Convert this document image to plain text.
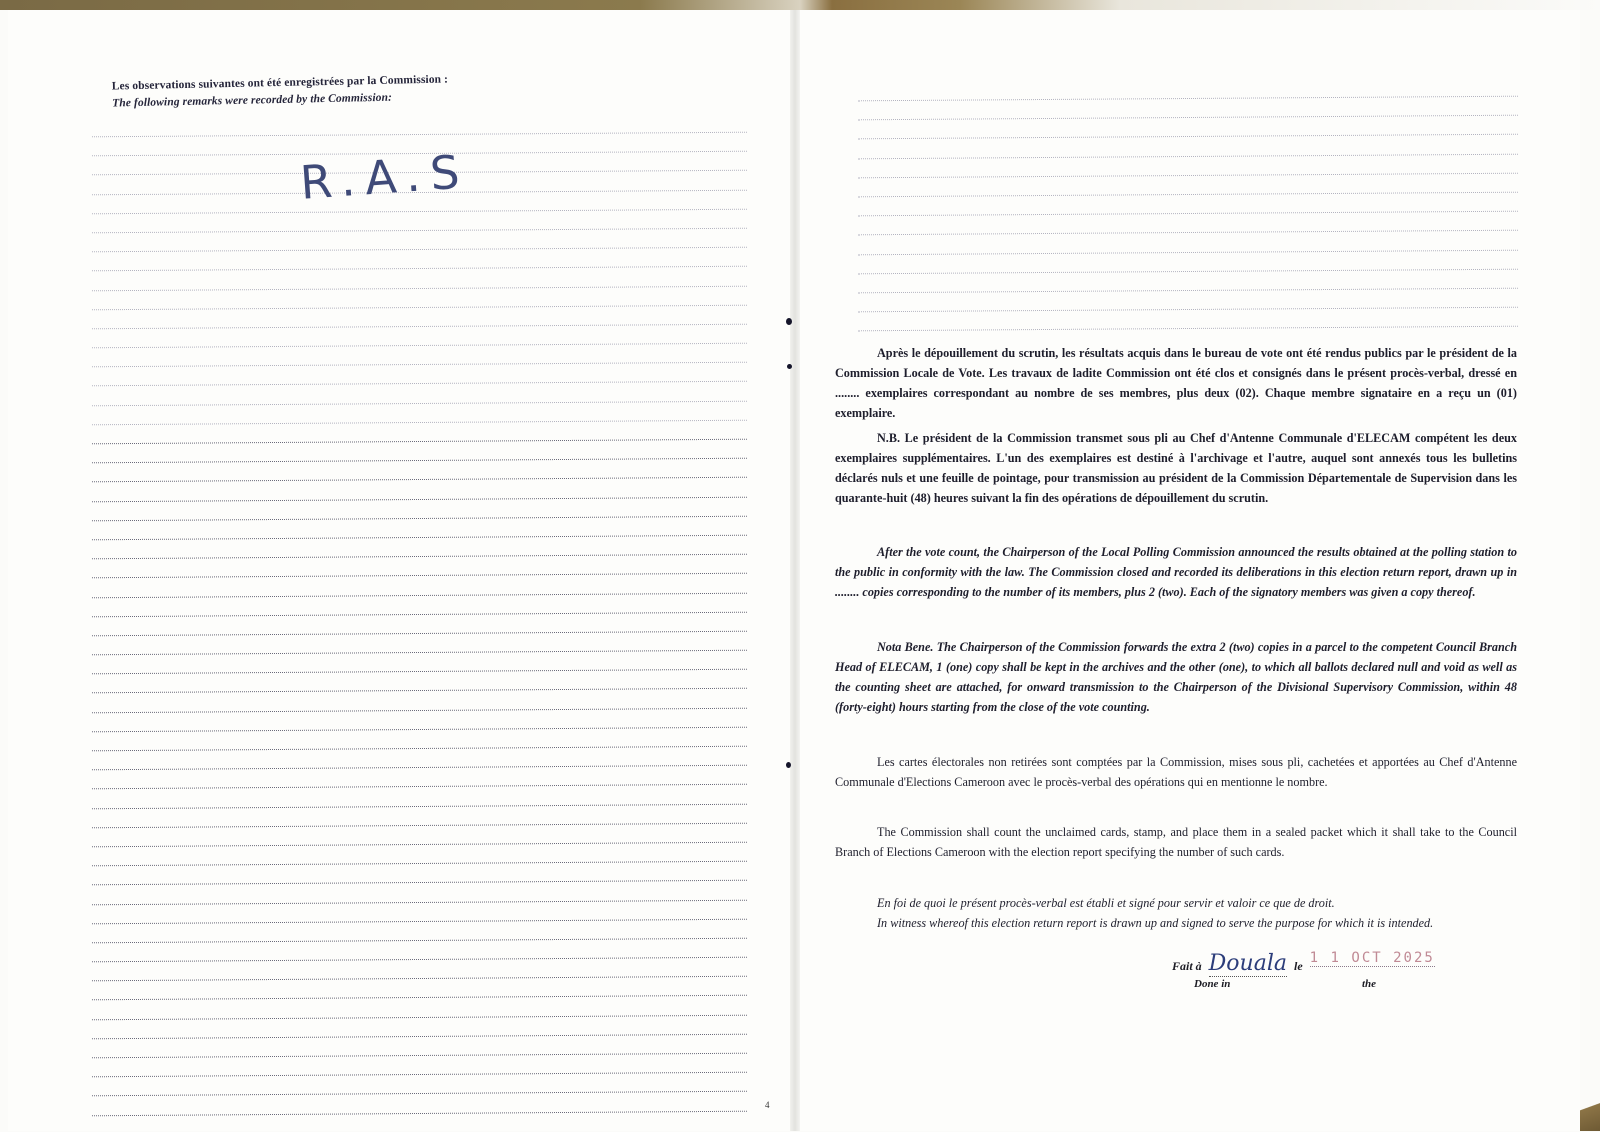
Les observations suivantes ont été enregistrées par la Commission :
The following remarks were recorded by the Commission:
R.A.S
4

Après le dépouillement du scrutin, les résultats acquis dans le bureau de vote ont été rendus publics par le président de la Commission Locale de Vote. Les travaux de ladite Commission ont été clos et consignés dans le présent procès-verbal, dressé en ........ exemplaires correspondant au nombre de ses membres, plus deux (02). Chaque membre signataire en a reçu un (01) exemplaire.

N.B. Le président de la Commission transmet sous pli au Chef d'Antenne Communale d'ELECAM compétent les deux exemplaires supplémentaires. L'un des exemplaires est destiné à l'archivage et l'autre, auquel sont annexés tous les bulletins déclarés nuls et une feuille de pointage, pour transmission au président de la Commission Départementale de Supervision dans les quarante-huit (48) heures suivant la fin des opérations de dépouillement du scrutin.

After the vote count, the Chairperson of the Local Polling Commission announced the results obtained at the polling station to the public in conformity with the law. The Commission closed and recorded its deliberations in this election return report, drawn up in ........ copies corresponding to the number of its members, plus 2 (two). Each of the signatory members was given a copy thereof.

Nota Bene. The Chairperson of the Commission forwards the extra 2 (two) copies in a parcel to the competent Council Branch Head of ELECAM, 1 (one) copy shall be kept in the archives and the other (one), to which all ballots declared null and void as well as the counting sheet are attached, for onward transmission to the Chairperson of the Divisional Supervisory Commission, within 48 (forty-eight) hours starting from the close of the vote counting.

Les cartes électorales non retirées sont comptées par la Commission, mises sous pli, cachetées et apportées au Chef d'Antenne Communale d'Elections Cameroon avec le procès-verbal des opérations qui en mentionne le nombre.

The Commission shall count the unclaimed cards, stamp, and place them in a sealed packet which it shall take to the Council Branch of Elections Cameroon with the election report specifying the number of such cards.

En foi de quoi le présent procès-verbal est établi et signé pour servir et valoir ce que de droit.

In witness whereof this election return report is drawn up and signed to serve the purpose for which it is intended.

Fait à Douala le 1 1 OCT 2025
Done in	the
